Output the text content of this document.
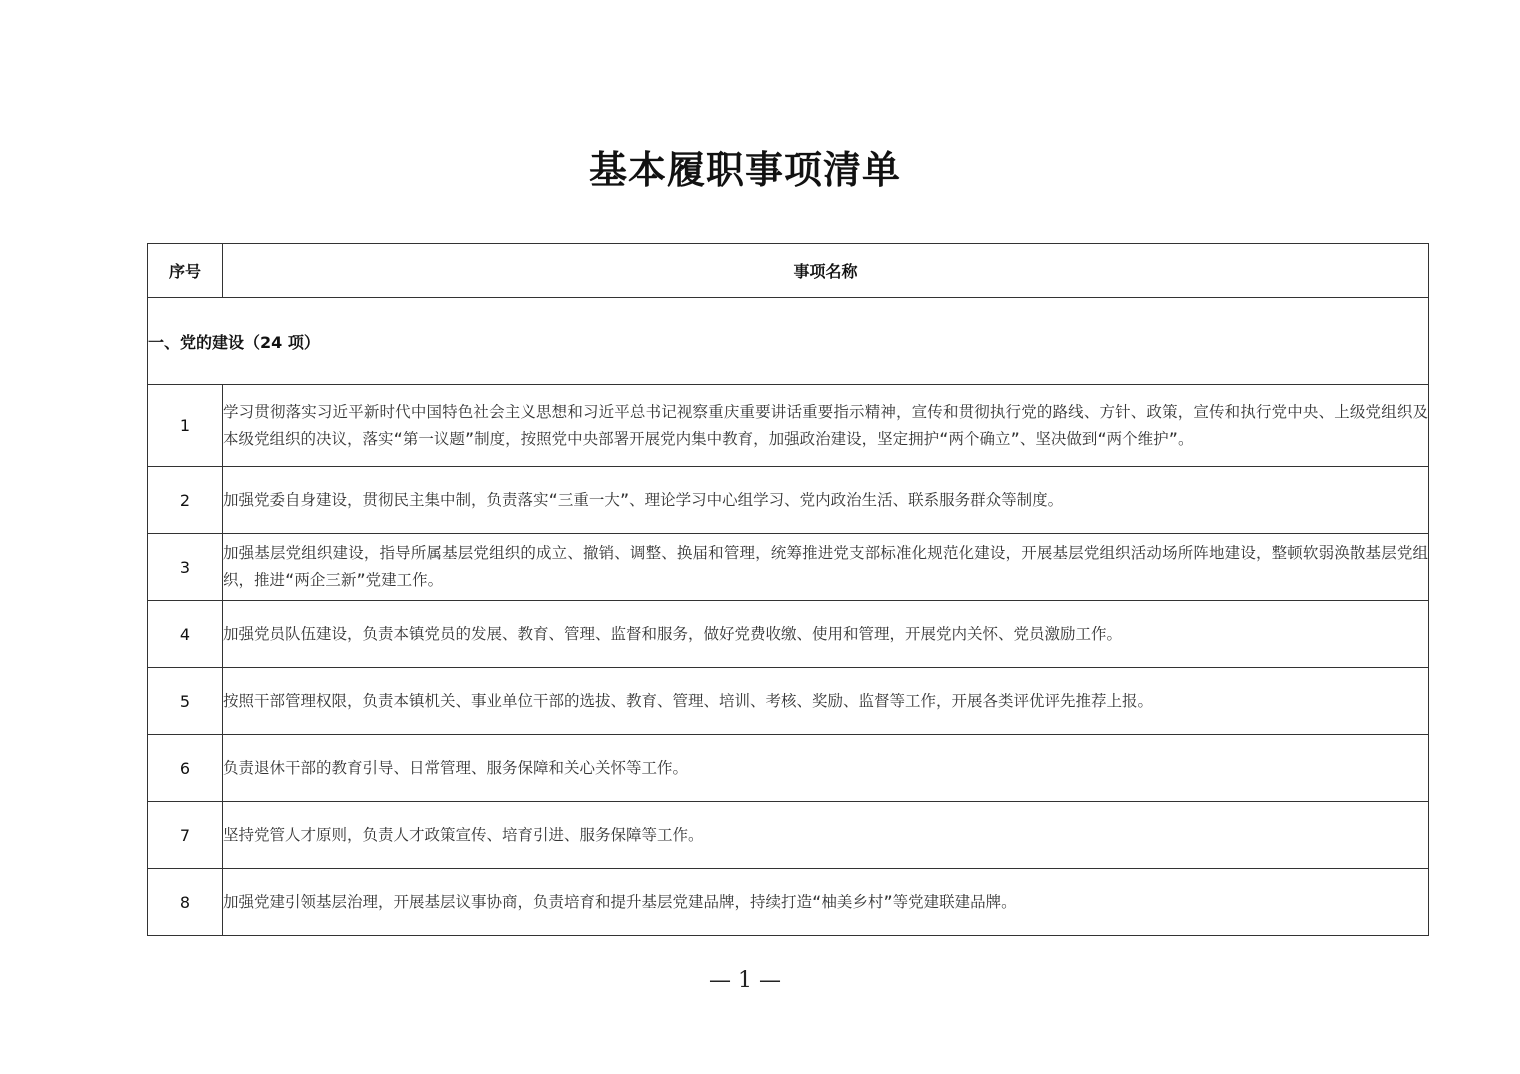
基本履职事项清单
序号	事项名称
一、党的建设（24 项）	
1	学习贯彻落实习近平新时代中国特色社会主义思想和习近平总书记视察重庆重要讲话重要指示精神，宣传和贯彻执行党的路线、方针、政策，宣传和执行党中央、上级党组织及本级党组织的决议，落实“第一议题”制度，按照党中央部署开展党内集中教育，加强政治建设，坚定拥护“两个确立”、坚决做到“两个维护”。
2	加强党委自身建设，贯彻民主集中制，负责落实“三重一大”、理论学习中心组学习、党内政治生活、联系服务群众等制度。
3	加强基层党组织建设，指导所属基层党组织的成立、撤销、调整、换届和管理，统筹推进党支部标准化规范化建设，开展基层党组织活动场所阵地建设，整顿软弱涣散基层党组织，推进“两企三新”党建工作。
4	加强党员队伍建设，负责本镇党员的发展、教育、管理、监督和服务，做好党费收缴、使用和管理，开展党内关怀、党员激励工作。
5	按照干部管理权限，负责本镇机关、事业单位干部的选拔、教育、管理、培训、考核、奖励、监督等工作，开展各类评优评先推荐上报。
6	负责退休干部的教育引导、日常管理、服务保障和关心关怀等工作。
7	坚持党管人才原则，负责人才政策宣传、培育引进、服务保障等工作。
8	加强党建引领基层治理，开展基层议事协商，负责培育和提升基层党建品牌，持续打造“柚美乡村”等党建联建品牌。
— 1 —
